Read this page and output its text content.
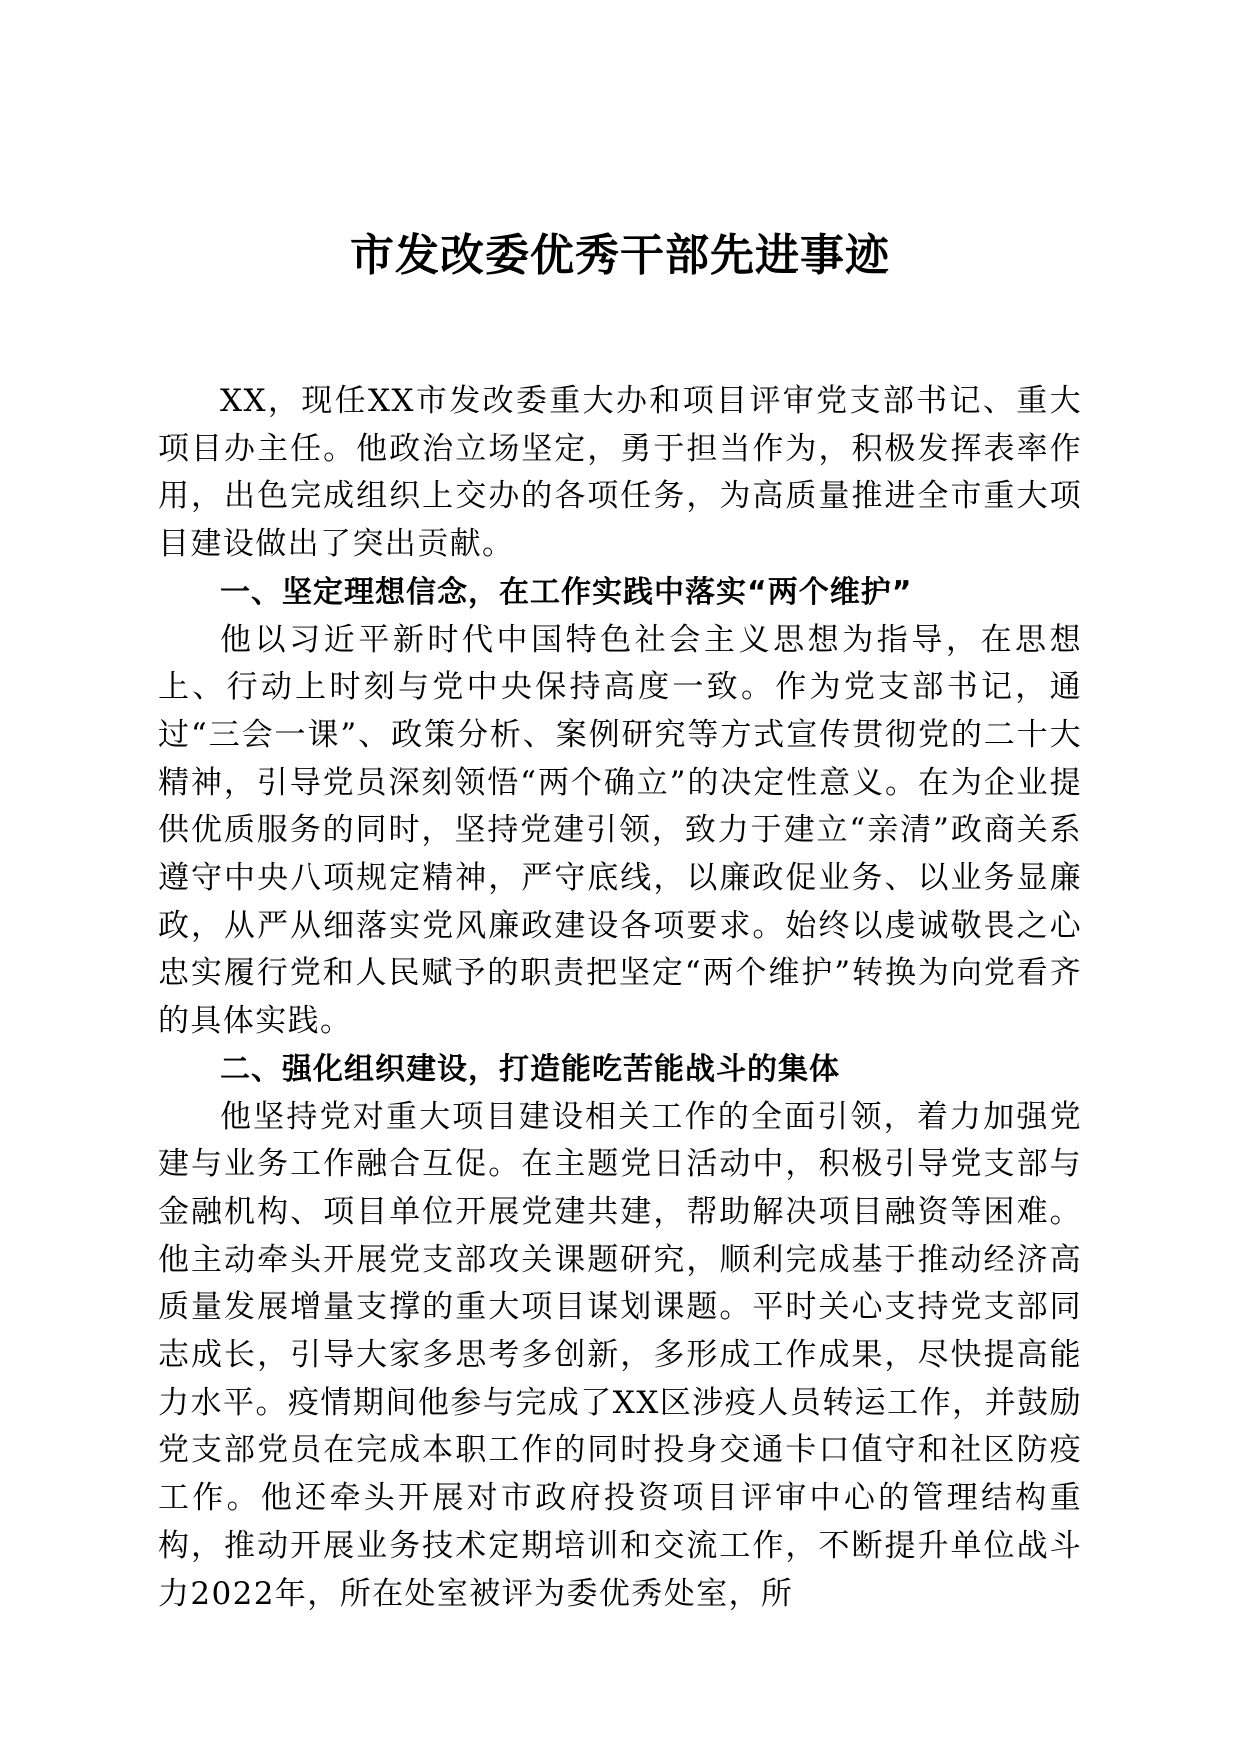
市发改委优秀干部先进事迹

XX，现任XX市发改委重大办和项目评审党支部书记、重大项目办主任。他政治立场坚定，勇于担当作为，积极发挥表率作用，出色完成组织上交办的各项任务，为高质量推进全市重大项目建设做出了突出贡献。

一、坚定理想信念，在工作实践中落实“两个维护”

他以习近平新时代中国特色社会主义思想为指导，在思想上、行动上时刻与党中央保持高度一致。作为党支部书记，通过“三会一课”、政策分析、案例研究等方式宣传贯彻党的二十大精神，引导党员深刻领悟“两个确立”的决定性意义。在为企业提供优质服务的同时，坚持党建引领，致力于建立“亲清”政商关系遵守中央八项规定精神，严守底线，以廉政促业务、以业务显廉政，从严从细落实党风廉政建设各项要求。始终以虔诚敬畏之心忠实履行党和人民赋予的职责把坚定“两个维护”转换为向党看齐的具体实践。

二、强化组织建设，打造能吃苦能战斗的集体

他坚持党对重大项目建设相关工作的全面引领，着力加强党建与业务工作融合互促。在主题党日活动中，积极引导党支部与金融机构、项目单位开展党建共建，帮助解决项目融资等困难。他主动牵头开展党支部攻关课题研究，顺利完成基于推动经济高质量发展增量支撑的重大项目谋划课题。平时关心支持党支部同志成长，引导大家多思考多创新，多形成工作成果，尽快提高能力水平。疫情期间他参与完成了XX区涉疫人员转运工作，并鼓励党支部党员在完成本职工作的同时投身交通卡口值守和社区防疫工作。他还牵头开展对市政府投资项目评审中心的管理结构重构，推动开展业务技术定期培训和交流工作，不断提升单位战斗力2022年，所在处室被评为委优秀处室，所
